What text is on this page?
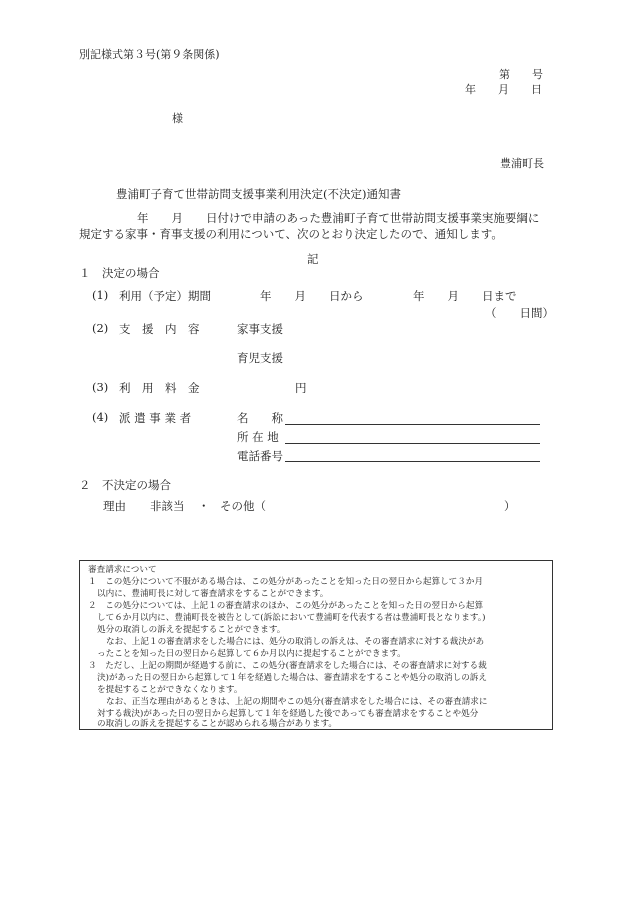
別記様式第３号(第９条関係)
第　　号
年　　月　　日
様
豊浦町長
豊浦町子育て世帯訪問支援事業利用決定(不決定)通知書
年　　月　　日付けで申請のあった豊浦町子育て世帯訪問支援事業実施要綱に
規定する家事・育事支援の利用について、次のとおり決定したので、通知します。
記
１　決定の場合
(1) 利用（予定）期間	年　　月　　日から	年　　月　　日まで
（　　日間）
(2) 支　援　内　容	家事支援
育児支援
(3) 利　用　料　金	円
(4) 派 遣 事 業 者	名　　称
所 在 地
電話番号
２　不決定の場合
理由 非該当 ・ その他（	）
審査請求について
１　この処分について不服がある場合は、この処分があったことを知った日の翌日から起算して３か月
以内に、豊浦町長に対して審査請求をすることができます。
２　この処分については、上記１の審査請求のほか、この処分があったことを知った日の翌日から起算
して６か月以内に、豊浦町長を被告として(訴訟において豊浦町を代表する者は豊浦町長となります。)
処分の取消しの訴えを提起することができます。
なお、上記１の審査請求をした場合には、処分の取消しの訴えは、その審査請求に対する裁決があ
ったことを知った日の翌日から起算して６か月以内に提起することができます。
３　ただし、上記の期間が経過する前に、この処分(審査請求をした場合には、その審査請求に対する裁
決)があった日の翌日から起算して１年を経過した場合は、審査請求をすることや処分の取消しの訴え
を提起することができなくなります。
なお、正当な理由があるときは、上記の期間やこの処分(審査請求をした場合には、その審査請求に
対する裁決)があった日の翌日から起算して１年を経過した後であっても審査請求をすることや処分
の取消しの訴えを提起することが認められる場合があります。
